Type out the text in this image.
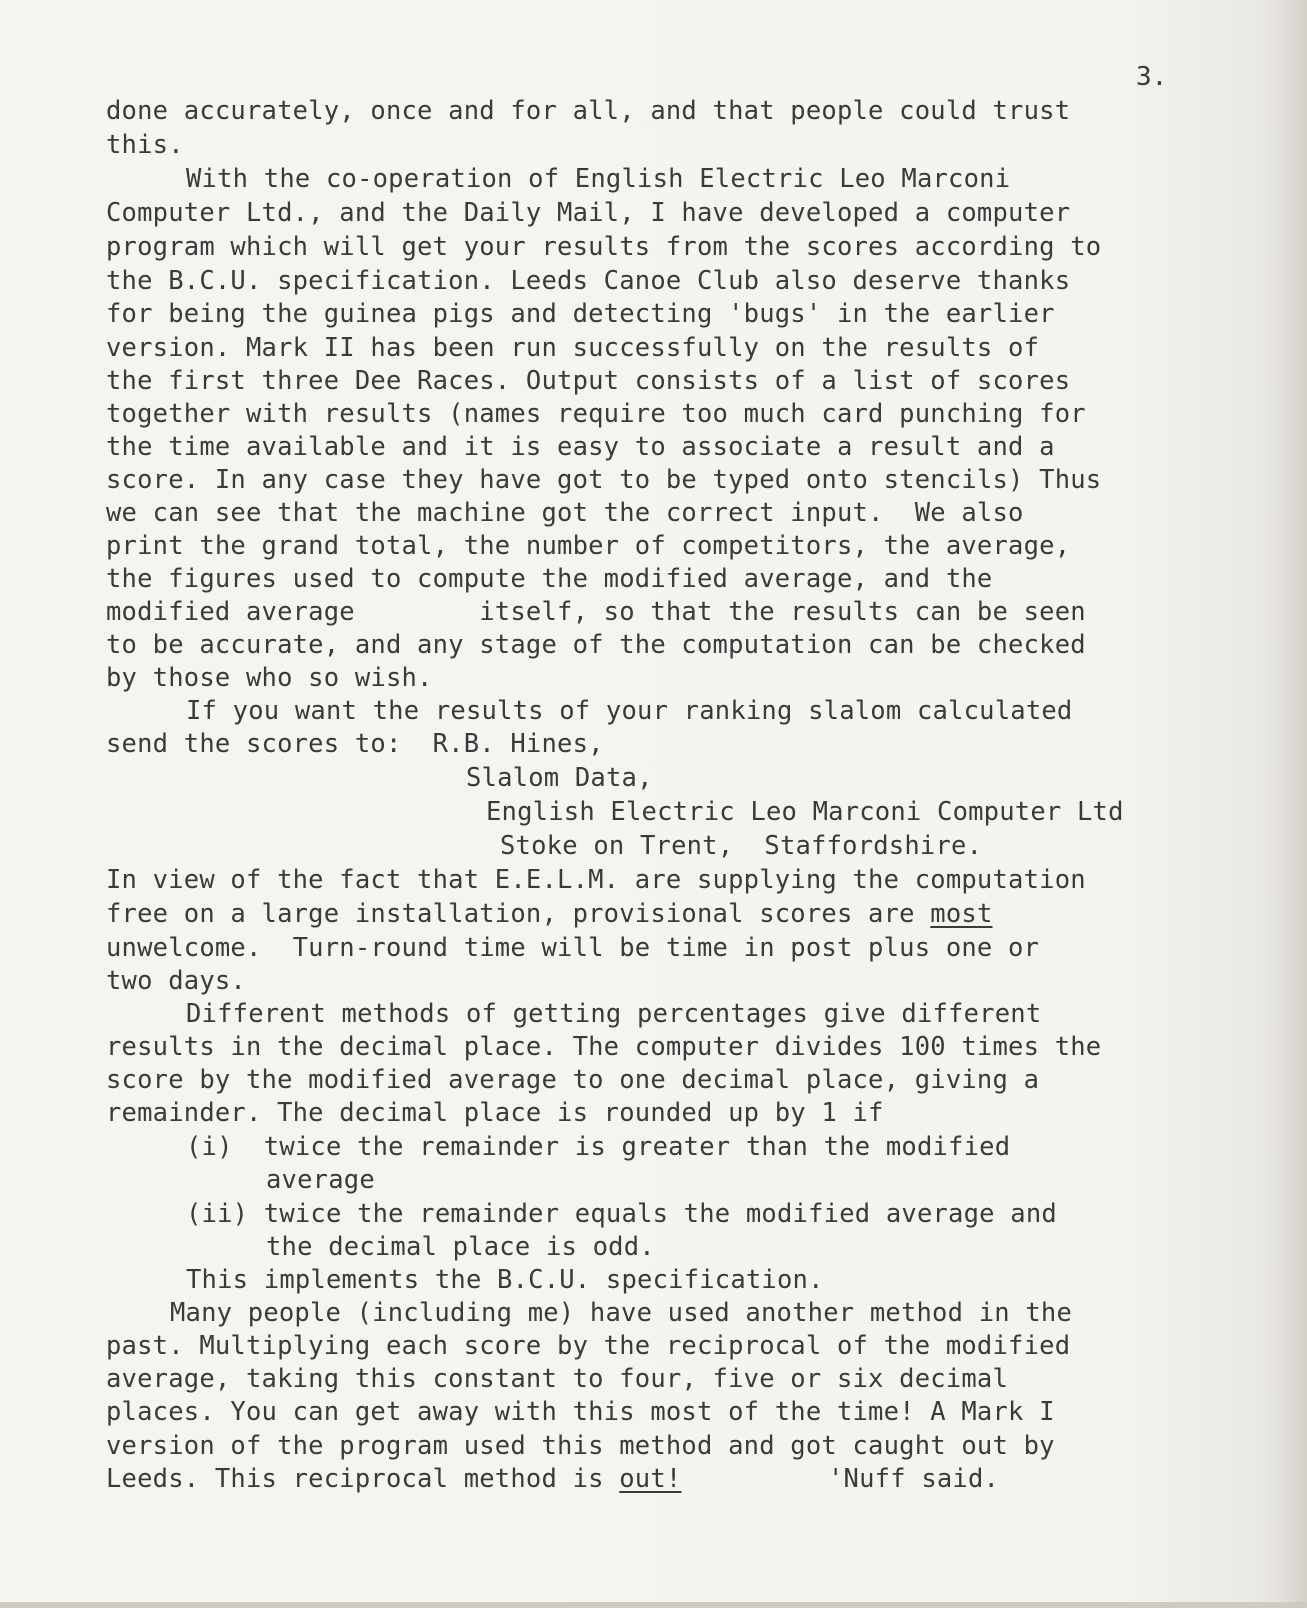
3.
done accurately, once and for all, and that people could trust
this.
With the co-operation of English Electric Leo Marconi
Computer Ltd., and the Daily Mail, I have developed a computer
program which will get your results from the scores according to
the B.C.U. specification. Leeds Canoe Club also deserve thanks
for being the guinea pigs and detecting 'bugs' in the earlier
version. Mark II has been run successfully on the results of
the first three Dee Races. Output consists of a list of scores
together with results (names require too much card punching for
the time available and it is easy to associate a result and a
score. In any case they have got to be typed onto stencils) Thus
we can see that the machine got the correct input.  We also
print the grand total, the number of competitors, the average,
the figures used to compute the modified average, and the
modified average        itself, so that the results can be seen
to be accurate, and any stage of the computation can be checked
by those who so wish.
If you want the results of your ranking slalom calculated
send the scores to:  R.B. Hines,
Slalom Data,
English Electric Leo Marconi Computer Ltd
Stoke on Trent,  Staffordshire.
In view of the fact that E.E.L.M. are supplying the computation
free on a large installation, provisional scores are most
unwelcome.  Turn-round time will be time in post plus one or
two days.
Different methods of getting percentages give different
results in the decimal place. The computer divides 100 times the
score by the modified average to one decimal place, giving a
remainder. The decimal place is rounded up by 1 if
(i)  twice the remainder is greater than the modified
average
(ii) twice the remainder equals the modified average and
the decimal place is odd.
This implements the B.C.U. specification.
Many people (including me) have used another method in the
past. Multiplying each score by the reciprocal of the modified
average, taking this constant to four, five or six decimal
places. You can get away with this most of the time! A Mark I
version of the program used this method and got caught out by
Leeds. This reciprocal method is out!	'Nuff said.
